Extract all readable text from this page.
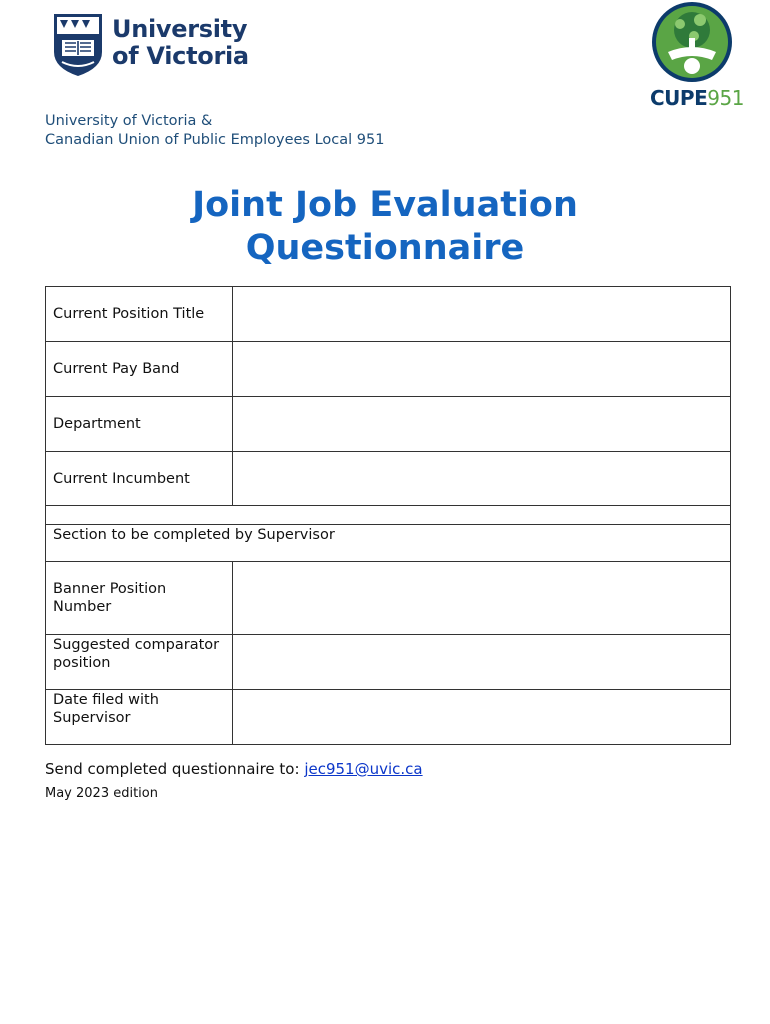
University
of Victoria
CUPE951
University of Victoria &
Canadian Union of Public Employees Local 951
Joint Job Evaluation
Questionnaire
Current Position Title	
Current Pay Band	
Department	
Current Incumbent	

Section to be completed by Supervisor	
Banner Position Number	
Suggested comparator position	
Date filed with Supervisor	
Send completed questionnaire to: jec951@uvic.ca
May 2023 edition
